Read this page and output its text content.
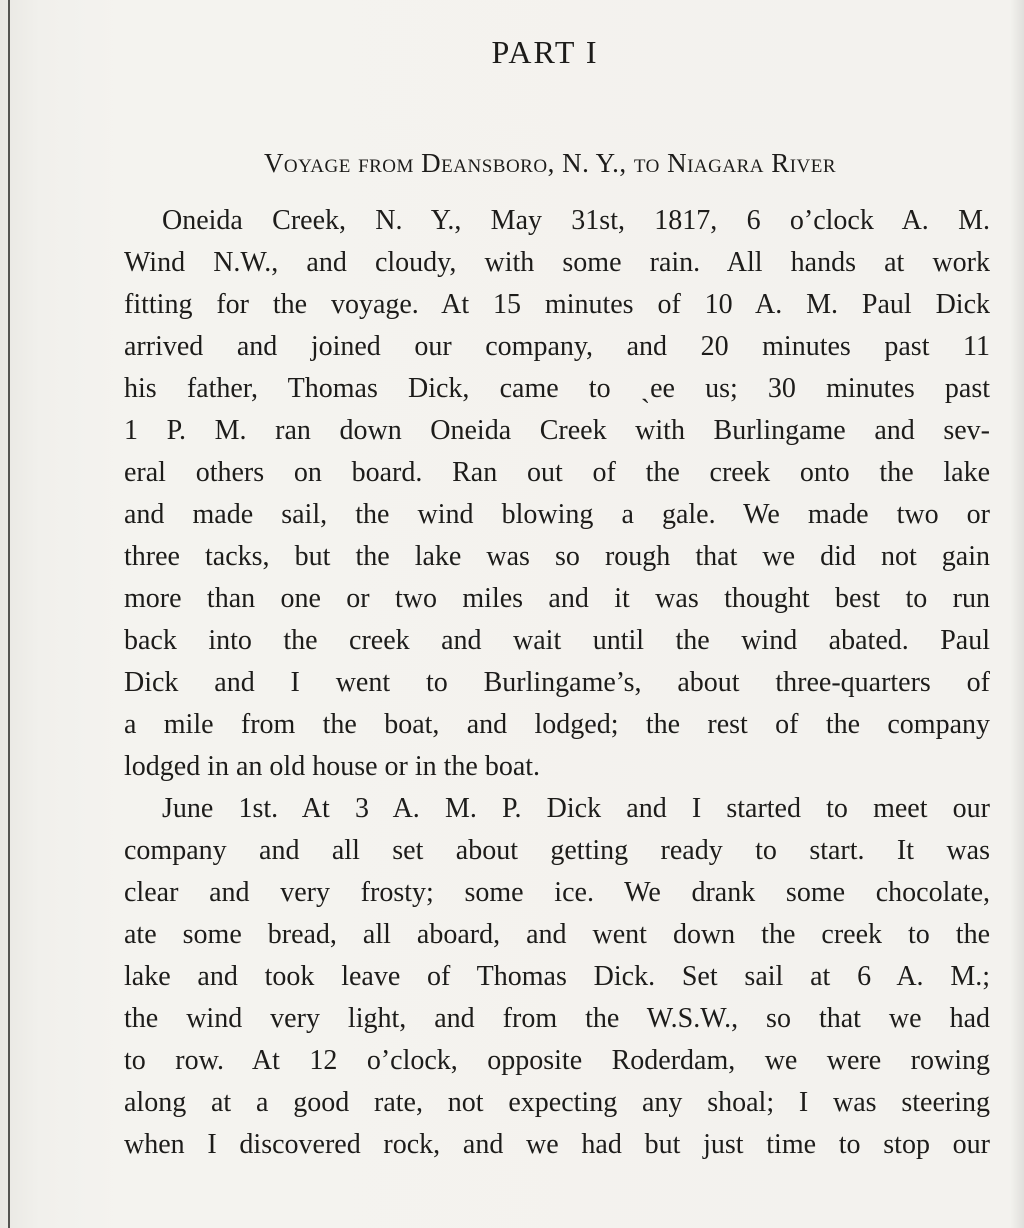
PART I
Voyage from Deansboro, N. Y., to Niagara River
Oneida Creek, N. Y., May 31st, 1817, 6 o’clock A. M.
Wind N.W., and cloudy, with some rain. All hands at work
fitting for the voyage. At 15 minutes of 10 A. M. Paul Dick
arrived and joined our company, and 20 minutes past 11
his father, Thomas Dick, came to ˏee us; 30 minutes past
1 P. M. ran down Oneida Creek with Burlingame and sev-
eral others on board. Ran out of the creek onto the lake
and made sail, the wind blowing a gale. We made two or
three tacks, but the lake was so rough that we did not gain
more than one or two miles and it was thought best to run
back into the creek and wait until the wind abated. Paul
Dick and I went to Burlingame’s, about three-quarters of
a mile from the boat, and lodged; the rest of the company
lodged in an old house or in the boat.
June 1st. At 3 A. M. P. Dick and I started to meet our
company and all set about getting ready to start. It was
clear and very frosty; some ice. We drank some chocolate,
ate some bread, all aboard, and went down the creek to the
lake and took leave of Thomas Dick. Set sail at 6 A. M.;
the wind very light, and from the W.S.W., so that we had
to row. At 12 o’clock, opposite Roderdam, we were rowing
along at a good rate, not expecting any shoal; I was steering
when I discovered rock, and we had but just time to stop our
